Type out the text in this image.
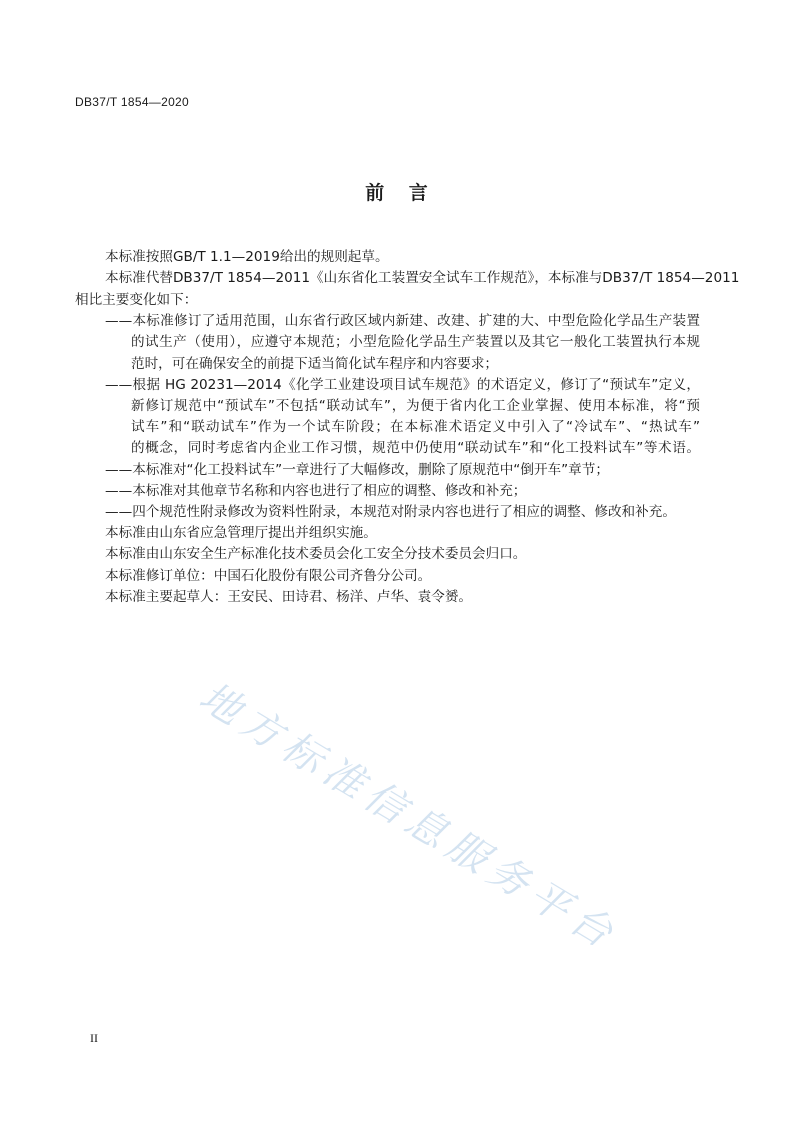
DB37/T 1854—2020
前 言
本标准按照GB/T 1.1—2019给出的规则起草。
本标准代替DB37/T 1854—2011《山东省化工装置安全试车工作规范》，本标准与DB37/T 1854—2011
相比主要变化如下：
——本标准修订了适用范围，山东省行政区域内新建、改建、扩建的大、中型危险化学品生产装置
的试生产（使用），应遵守本规范；小型危险化学品生产装置以及其它一般化工装置执行本规
范时，可在确保安全的前提下适当简化试车程序和内容要求；
——根据 HG 20231—2014《化学工业建设项目试车规范》的术语定义，修订了“预试车”定义，
新修订规范中“预试车”不包括“联动试车”，为便于省内化工企业掌握、使用本标准，将“预
试车”和“联动试车”作为一个试车阶段；在本标准术语定义中引入了“冷试车”、“热试车”
的概念，同时考虑省内企业工作习惯，规范中仍使用“联动试车”和“化工投料试车”等术语。
——本标准对“化工投料试车”一章进行了大幅修改，删除了原规范中“倒开车”章节；
——本标准对其他章节名称和内容也进行了相应的调整、修改和补充；
——四个规范性附录修改为资料性附录，本规范对附录内容也进行了相应的调整、修改和补充。
本标准由山东省应急管理厅提出并组织实施。
本标准由山东安全生产标准化技术委员会化工安全分技术委员会归口。
本标准修订单位：中国石化股份有限公司齐鲁分公司。
本标准主要起草人：王安民、田诗君、杨洋、卢华、袁令赟。
地方标准信息服务平台
II
